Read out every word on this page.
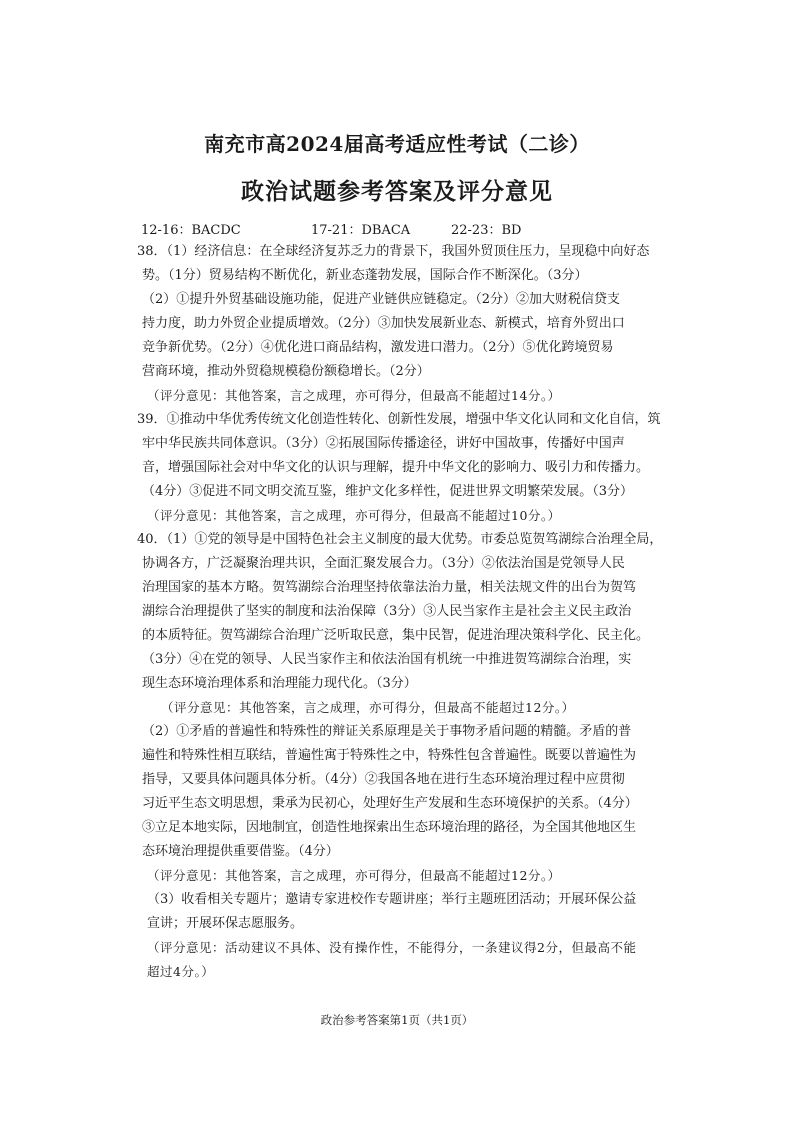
南充市高2024届高考适应性考试（二诊）
政治试题参考答案及评分意见
12-16：BACDC	17-21：DBACA	22-23：BD
38．（1）经济信息：在全球经济复苏乏力的背景下，我国外贸顶住压力，呈现稳中向好态
势。（1分）贸易结构不断优化，新业态蓬勃发展，国际合作不断深化。（3分）
（2）①提升外贸基础设施功能，促进产业链供应链稳定。（2分）②加大财税信贷支
持力度，助力外贸企业提质增效。（2分）③加快发展新业态、新模式，培育外贸出口
竞争新优势。（2分）④优化进口商品结构，激发进口潜力。（2分）⑤优化跨境贸易
营商环境，推动外贸稳规模稳份额稳增长。（2分）
（评分意见：其他答案，言之成理，亦可得分，但最高不能超过14分。）
39．①推动中华优秀传统文化创造性转化、创新性发展，增强中华文化认同和文化自信，筑
牢中华民族共同体意识。（3分）②拓展国际传播途径，讲好中国故事，传播好中国声
音，增强国际社会对中华文化的认识与理解，提升中华文化的影响力、吸引力和传播力。
（4分）③促进不同文明交流互鉴，维护文化多样性，促进世界文明繁荣发展。（3分）
（评分意见：其他答案，言之成理，亦可得分，但最高不能超过10分。）
40．（1）①党的领导是中国特色社会主义制度的最大优势。市委总览贺笃湖综合治理全局，
协调各方，广泛凝聚治理共识，全面汇聚发展合力。（3分）②依法治国是党领导人民
治理国家的基本方略。贺笃湖综合治理坚持依靠法治力量，相关法规文件的出台为贺笃
湖综合治理提供了坚实的制度和法治保障（3分）③人民当家作主是社会主义民主政治
的本质特征。贺笃湖综合治理广泛听取民意，集中民智，促进治理决策科学化、民主化。
（3分）④在党的领导、人民当家作主和依法治国有机统一中推进贺笃湖综合治理，实
现生态环境治理体系和治理能力现代化。（3分）
（评分意见：其他答案，言之成理，亦可得分，但最高不能超过12分。）
（2）①矛盾的普遍性和特殊性的辩证关系原理是关于事物矛盾问题的精髓。矛盾的普
遍性和特殊性相互联结，普遍性寓于特殊性之中，特殊性包含普遍性。既要以普遍性为
指导，又要具体问题具体分析。（4分）②我国各地在进行生态环境治理过程中应贯彻
习近平生态文明思想，秉承为民初心，处理好生产发展和生态环境保护的关系。（4分）
③立足本地实际，因地制宜，创造性地探索出生态环境治理的路径，为全国其他地区生
态环境治理提供重要借鉴。（4分）
（评分意见：其他答案，言之成理，亦可得分，但最高不能超过12分。）
（3）收看相关专题片；邀请专家进校作专题讲座；举行主题班团活动；开展环保公益
宣讲；开展环保志愿服务。
（评分意见：活动建议不具体、没有操作性，不能得分，一条建议得2分，但最高不能
超过4分。）
政治参考答案第1页（共1页）
